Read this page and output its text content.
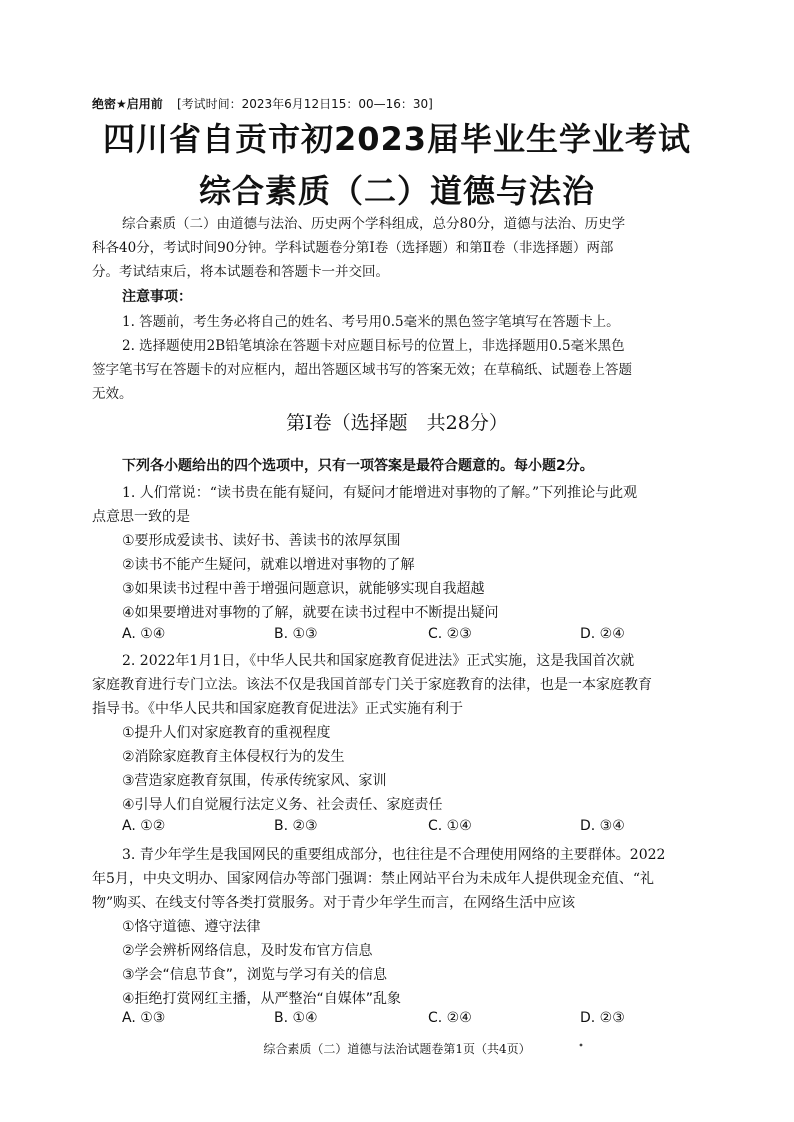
绝密★启用前 [考试时间：2023年6月12日15：00—16：30]
四川省自贡市初2023届毕业生学业考试
综合素质（二）道德与法治
综合素质（二）由道德与法治、历史两个学科组成，总分80分，道德与法治、历史学
科各40分，考试时间90分钟。学科试题卷分第Ⅰ卷（选择题）和第Ⅱ卷（非选择题）两部
分。考试结束后，将本试题卷和答题卡一并交回。
注意事项：
1. 答题前，考生务必将自己的姓名、考号用0.5毫米的黑色签字笔填写在答题卡上。
2. 选择题使用2B铅笔填涂在答题卡对应题目标号的位置上，非选择题用0.5毫米黑色
签字笔书写在答题卡的对应框内，超出答题区域书写的答案无效；在草稿纸、试题卷上答题
无效。
第Ⅰ卷（选择题　共28分）
下列各小题给出的四个选项中，只有一项答案是最符合题意的。每小题2分。
1. 人们常说：“读书贵在能有疑问，有疑问才能增进对事物的了解。”下列推论与此观
点意思一致的是
①要形成爱读书、读好书、善读书的浓厚氛围
②读书不能产生疑问，就难以增进对事物的了解
③如果读书过程中善于增强问题意识，就能够实现自我超越
④如果要增进对事物的了解，就要在读书过程中不断提出疑问
A. ①④	B. ①③	C. ②③	D. ②④
2. 2022年1月1日，《中华人民共和国家庭教育促进法》正式实施，这是我国首次就
家庭教育进行专门立法。该法不仅是我国首部专门关于家庭教育的法律，也是一本家庭教育
指导书。《中华人民共和国家庭教育促进法》正式实施有利于
①提升人们对家庭教育的重视程度
②消除家庭教育主体侵权行为的发生
③营造家庭教育氛围，传承传统家风、家训
④引导人们自觉履行法定义务、社会责任、家庭责任
A. ①②	B. ②③	C. ①④	D. ③④
3. 青少年学生是我国网民的重要组成部分，也往往是不合理使用网络的主要群体。2022
年5月，中央文明办、国家网信办等部门强调：禁止网站平台为未成年人提供现金充值、“礼
物”购买、在线支付等各类打赏服务。对于青少年学生而言，在网络生活中应该
①恪守道德、遵守法律
②学会辨析网络信息，及时发布官方信息
③学会“信息节食”，浏览与学习有关的信息
④拒绝打赏网红主播，从严整治“自媒体”乱象
A. ①③	B. ①④	C. ②④	D. ②③
综合素质（二）道德与法治试题卷第1页（共4页）
